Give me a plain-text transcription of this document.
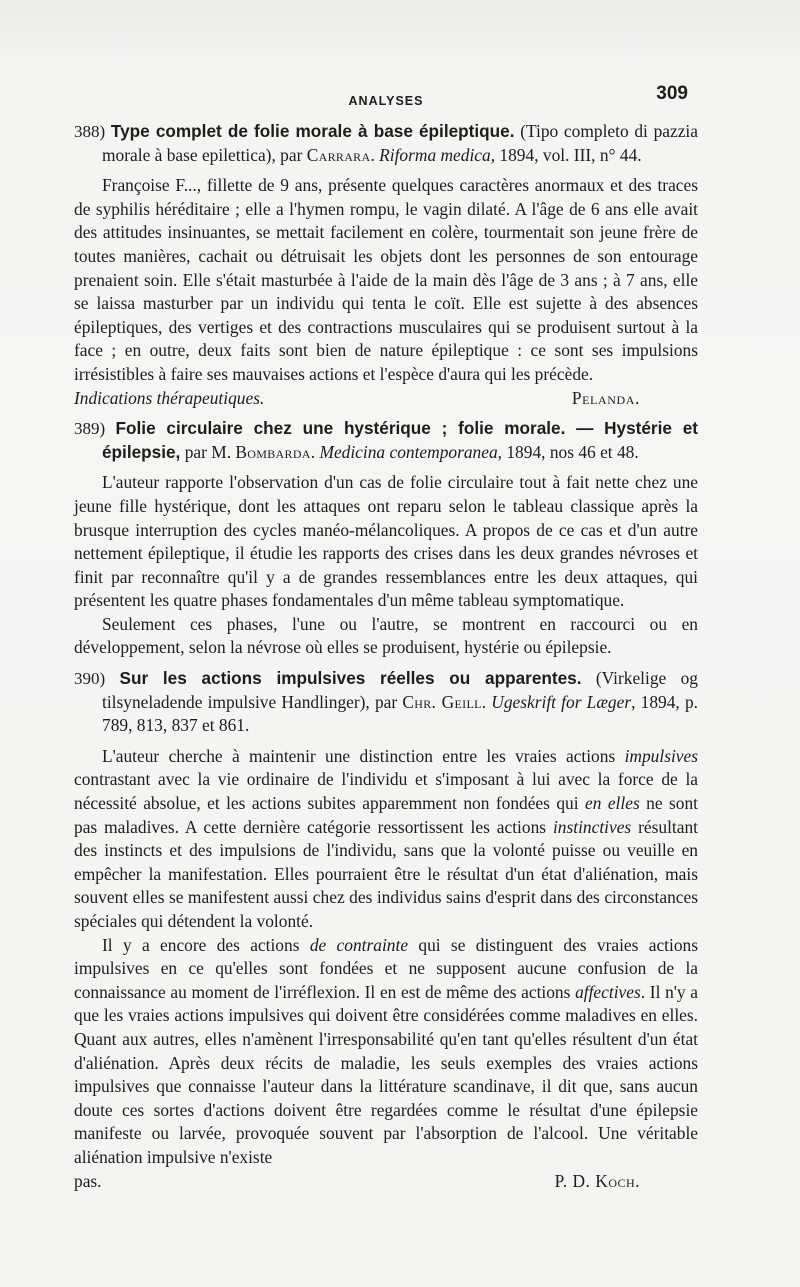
ANALYSES	309

388) Type complet de folie morale à base épileptique. (Tipo completo di pazzia morale à base epilettica), par Carrara. Riforma medica, 1894, vol. III, n° 44.

Françoise F..., fillette de 9 ans, présente quelques caractères anormaux et des traces de syphilis héréditaire ; elle a l'hymen rompu, le vagin dilaté. A l'âge de 6 ans elle avait des attitudes insinuantes, se mettait facilement en colère, tourmentait son jeune frère de toutes manières, cachait ou détruisait les objets dont les personnes de son entourage prenaient soin. Elle s'était masturbée à l'aide de la main dès l'âge de 3 ans ; à 7 ans, elle se laissa masturber par un individu qui tenta le coït. Elle est sujette à des absences épileptiques, des vertiges et des contractions musculaires qui se produisent surtout à la face ; en outre, deux faits sont bien de nature épileptique : ce sont ses impulsions irrésistibles à faire ses mauvaises actions et l'espèce d'aura qui les précède.

Indications thérapeutiques.	Pelanda.

389) Folie circulaire chez une hystérique ; folie morale. — Hystérie et épilepsie, par M. Bombarda. Medicina contemporanea, 1894, nos 46 et 48.

L'auteur rapporte l'observation d'un cas de folie circulaire tout à fait nette chez une jeune fille hystérique, dont les attaques ont reparu selon le tableau classique après la brusque interruption des cycles manéo-mélancoliques. A propos de ce cas et d'un autre nettement épileptique, il étudie les rapports des crises dans les deux grandes névroses et finit par reconnaître qu'il y a de grandes ressemblances entre les deux attaques, qui présentent les quatre phases fondamentales d'un même tableau symptomatique.

Seulement ces phases, l'une ou l'autre, se montrent en raccourci ou en développement, selon la névrose où elles se produisent, hystérie ou épilepsie.

390) Sur les actions impulsives réelles ou apparentes. (Virkelige og tilsyneladende impulsive Handlinger), par Chr. Geill. Ugeskrift for Læger, 1894, p. 789, 813, 837 et 861.

L'auteur cherche à maintenir une distinction entre les vraies actions impulsives contrastant avec la vie ordinaire de l'individu et s'imposant à lui avec la force de la nécessité absolue, et les actions subites apparemment non fondées qui en elles ne sont pas maladives. A cette dernière catégorie ressortissent les actions instinctives résultant des instincts et des impulsions de l'individu, sans que la volonté puisse ou veuille en empêcher la manifestation. Elles pourraient être le résultat d'un état d'aliénation, mais souvent elles se manifestent aussi chez des individus sains d'esprit dans des circonstances spéciales qui détendent la volonté.

Il y a encore des actions de contrainte qui se distinguent des vraies actions impulsives en ce qu'elles sont fondées et ne supposent aucune confusion de la connaissance au moment de l'irréflexion. Il en est de même des actions affectives. Il n'y a que les vraies actions impulsives qui doivent être considérées comme maladives en elles. Quant aux autres, elles n'amènent l'irresponsabilité qu'en tant qu'elles résultent d'un état d'aliénation. Après deux récits de maladie, les seuls exemples des vraies actions impulsives que connaisse l'auteur dans la littérature scandinave, il dit que, sans aucun doute ces sortes d'actions doivent être regardées comme le résultat d'une épilepsie manifeste ou larvée, provoquée souvent par l'absorption de l'alcool. Une véritable aliénation impulsive n'existe

pas.	P. D. Koch.
